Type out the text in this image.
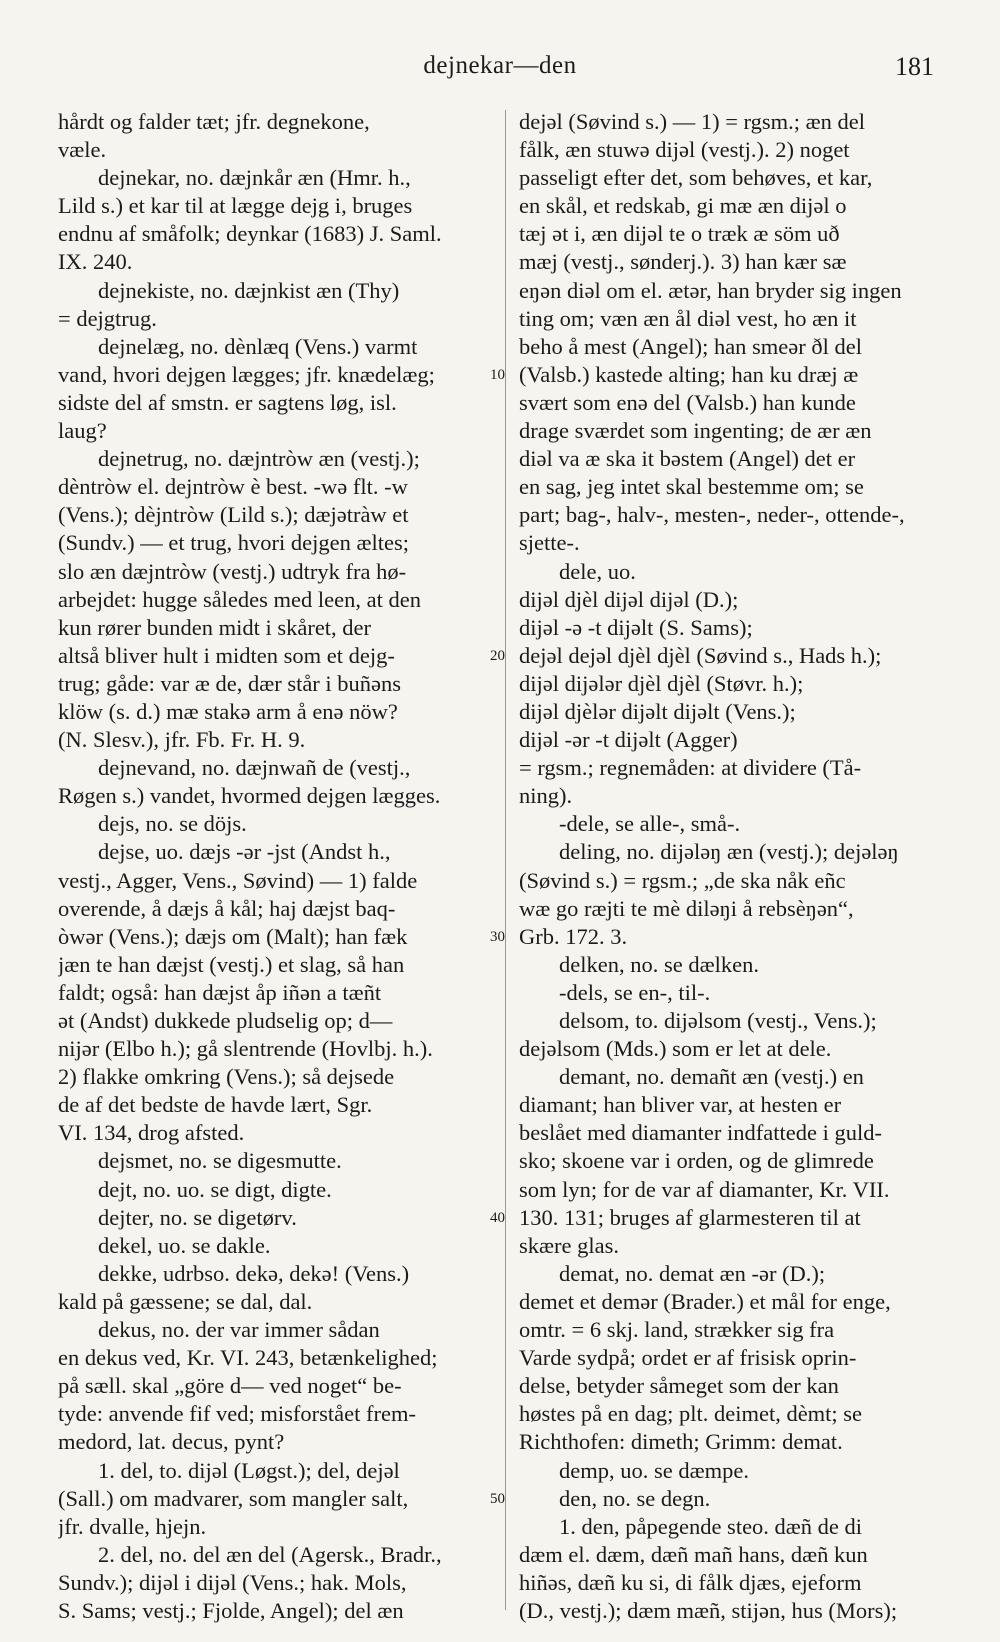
dejnekar—den	181
hårdt og falder tæt; jfr. degnekone,
væle.
dejnekar, no. dæjnkår æn (Hmr. h.,
Lild s.) et kar til at lægge dejg i, bruges
endnu af småfolk; deynkar (1683) J. Saml.
IX. 240.
dejnekiste, no. dæjnkist æn (Thy)
= dejgtrug.
dejnelæg, no. dènlæq (Vens.) varmt
vand, hvori dejgen lægges; jfr. knædelæg;
sidste del af smstn. er sagtens løg, isl.
laug?
dejnetrug, no. dæjntròw æn (vestj.);
dèntròw el. dejntròw è best. -wə flt. -w
(Vens.); dèjntròw (Lild s.); dæjətràw et
(Sundv.) — et trug, hvori dejgen æltes;
slo æn dæjntròw (vestj.) udtryk fra hø-
arbejdet: hugge således med leen, at den
kun rører bunden midt i skåret, der
altså bliver hult i midten som et dejg-
trug; gåde: var æ de, dær står i buñəns
klöw (s. d.) mæ stakə arm å enə nöw?
(N. Slesv.), jfr. Fb. Fr. H. 9.
dejnevand, no. dæjnwañ de (vestj.,
Røgen s.) vandet, hvormed dejgen lægges.
dejs, no. se döjs.
dejse, uo. dæjs -ər -jst (Andst h.,
vestj., Agger, Vens., Søvind) — 1) falde
overende, å dæjs å kål; haj dæjst baq-
òwər (Vens.); dæjs om (Malt); han fæk
jæn te han dæjst (vestj.) et slag, så han
faldt; også: han dæjst åp iñən a tæñt
ət (Andst) dukkede pludselig op; d—
nijər (Elbo h.); gå slentrende (Hovlbj. h.).
2) flakke omkring (Vens.); så dejsede
de af det bedste de havde lært, Sgr.
VI. 134, drog afsted.
dejsmet, no. se digesmutte.
dejt, no. uo. se digt, digte.
dejter, no. se digetørv.
dekel, uo. se dakle.
dekke, udrbso. dekə, dekə! (Vens.)
kald på gæssene; se dal, dal.
dekus, no. der var immer sådan
en dekus ved, Kr. VI. 243, betænkelighed;
på sæll. skal „göre d— ved noget“ be-
tyde: anvende fif ved; misforstået frem-
medord, lat. decus, pynt?
1. del, to. dijəl (Løgst.); del, dejəl
(Sall.) om madvarer, som mangler salt,
jfr. dvalle, hjejn.
2. del, no. del æn del (Agersk., Bradr.,
Sundv.); dijəl i dijəl (Vens.; hak. Mols,
S. Sams; vestj.; Fjolde, Angel); del æn
10
20
30
40
50
dejəl (Søvind s.) — 1) = rgsm.; æn del
fålk, æn stuwə dijəl (vestj.). 2) noget
passeligt efter det, som behøves, et kar,
en skål, et redskab, gi mæ æn dijəl o
tæj ət i, æn dijəl te o træk æ söm uð
mæj (vestj., sønderj.). 3) han kær sæ
eŋən diəl om el. ætər, han bryder sig ingen
ting om; væn æn ål diəl vest, ho æn it
beho å mest (Angel); han smeər ðl del
(Valsb.) kastede alting; han ku dræj æ
svært som enə del (Valsb.) han kunde
drage sværdet som ingenting; de ær æn
diəl va æ ska it bəstem (Angel) det er
en sag, jeg intet skal bestemme om; se
part; bag-, halv-, mesten-, neder-, ottende-,
sjette-.
dele, uo.
dijəl djèl dijəl dijəl (D.);
dijəl -ə -t dijəlt (S. Sams);
dejəl dejəl djèl djèl (Søvind s., Hads h.);
dijəl dijələr djèl djèl (Støvr. h.);
dijəl djèlər dijəlt dijəlt (Vens.);
dijəl -ər -t dijəlt (Agger)
= rgsm.; regnemåden: at dividere (Tå-
ning).
-dele, se alle-, små-.
deling, no. dijələŋ æn (vestj.); dejələŋ
(Søvind s.) = rgsm.; „de ska nåk eñc
wæ go ræjti te mè diləŋi å rebsèŋən“,
Grb. 172. 3.
delken, no. se dælken.
-dels, se en-, til-.
delsom, to. dijəlsom (vestj., Vens.);
dejəlsom (Mds.) som er let at dele.
demant, no. demañt æn (vestj.) en
diamant; han bliver var, at hesten er
beslået med diamanter indfattede i guld-
sko; skoene var i orden, og de glimrede
som lyn; for de var af diamanter, Kr. VII.
130. 131; bruges af glarmesteren til at
skære glas.
demat, no. demat æn -ər (D.);
demet et demər (Brader.) et mål for enge,
omtr. = 6 skj. land, strækker sig fra
Varde sydpå; ordet er af frisisk oprin-
delse, betyder såmeget som der kan
høstes på en dag; plt. deimet, dèmt; se
Richthofen: dimeth; Grimm: demat.
demp, uo. se dæmpe.
den, no. se degn.
1. den, påpegende steo. dæñ de di
dæm el. dæm, dæñ mañ hans, dæñ kun
hiñəs, dæñ ku si, di fålk djæs, ejeform
(D., vestj.); dæm mæñ, stijən, hus (Mors);
